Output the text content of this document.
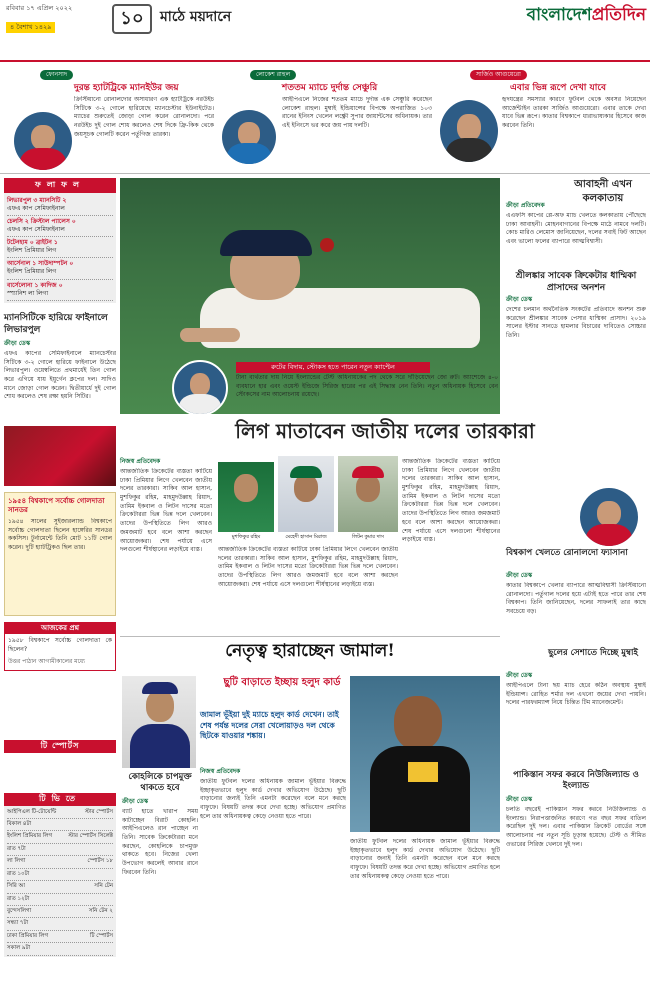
রবিবার ১৭ এপ্রিল ২০২২
৪ বৈশাখ ১৪২৯	১০	মাঠে ময়দানে	বাংলাদেশপ্রতিদিন
ফোনসাদ
দুরন্ত হ্যাটট্রিকে ম্যানইউর জয়
ক্রিস্টিয়ানো রোনালদোর অসাধারণ এক হ্যাটট্রিকে নরউইচ সিটিকে ৩-২ গোলে হারিয়েছে ম্যানচেস্টার ইউনাইটেড। ম্যাচের শুরুতেই জোড়া গোল করেন রোনালদো। পরে নরউইচ দুই গোল শোধ করলেও শেষ দিকে ফ্রি-কিক থেকে জয়সূচক গোলটি করেন পর্তুগিজ তারকা।
লোকেশ রাহুল
শততম ম্যাচে দুর্দান্ত সেঞ্চুরি
আইপিএলে নিজের শততম ম্যাচে দুর্দান্ত এক সেঞ্চুরি করেছেন লোকেশ রাহুল। মুম্বাই ইন্ডিয়ান্সের বিপক্ষে অপরাজিত ১০৩ রানের ইনিংস খেলেন লক্ষ্ণৌ সুপার জায়ান্টসের অধিনায়ক। তার এই ইনিংসে ভর করে জয় পায় দলটি।
সার্জিও আগুয়েরো
এবার ভিন্ন রূপে দেখা যাবে
হৃদযন্ত্রের সমস্যার কারণে ফুটবল থেকে অবসর নিয়েছেন আর্জেন্টাইন তারকা সার্জিও আগুয়েরো। এবার তাকে দেখা যাবে ভিন্ন রূপে। কাতার বিশ্বকাপে ধারাভাষ্যকার হিসেবে কাজ করবেন তিনি।
ফলাফল
লিভারপুল ৩ ম্যানসিটি ২
এফএ কাপ সেমিফাইনাল
চেলসি ২ ক্রিস্টাল প্যালেস ০
এফএ কাপ সেমিফাইনাল
টটেনহাম ০ ব্রাইটন ১
ইংলিশ প্রিমিয়ার লিগ
আর্সেনাল ১ সাউদাম্পটন ০
ইংলিশ প্রিমিয়ার লিগ
বার্সেলোনা ১ কাদিজ ০
স্প্যানিশ লা লিগা
ম্যানসিটিকে হারিয়ে ফাইনালে লিভারপুল
ক্রীড়া ডেস্ক
এফএ কাপের সেমিফাইনালে ম্যানচেস্টার সিটিকে ৩-২ গোলে হারিয়ে ফাইনালে উঠেছে লিভারপুল। ওয়েম্বলিতে প্রথমার্ধেই তিন গোল করে এগিয়ে যায় ইয়ুর্গেন ক্লপের দল। সাদিও মানে জোড়া গোল করেন। দ্বিতীয়ার্ধে দুই গোল শোধ করলেও শেষ রক্ষা হয়নি সিটির।
১৯৫৪ বিশ্বকাপে সর্বোচ্চ গোলদাতা সানডর
১৯৫৪ সালের সুইজারল্যান্ড বিশ্বকাপে সর্বোচ্চ গোলদাতা ছিলেন হাঙ্গেরির সানডর ককসিস। টুর্নামেন্টে তিনি মোট ১১টি গোল করেন। দুটি হ্যাটট্রিকও ছিল তার।
আজকের প্রশ্ন
১৯৫৮ বিশ্বকাপে সর্বোচ্চ গোলদাতা কে ছিলেন?
উত্তর পাঠান আগামীকালের মধ্যে
টি স্পোর্টস
টিভিতে
আইপিএল টি-টোয়েন্টি	স্টার স্পোর্টস
বিকাল ৪টা
ইংলিশ প্রিমিয়ার লিগ	স্টার স্পোর্টস সিলেক্ট
রাত ৭টা
লা লিগা	স্পোর্টস ১৮
রাত ১০টা
সিরি আ	সনি টেন
রাত ১২টা
বুন্দেসলিগা	সনি টেন ২
সন্ধ্যা ৭টা
ঢাকা প্রিমিয়ার লিগ	টি স্পোর্টস
সকাল ৯টা
রুটের বিদায়, স্টোকস হতে পারেন নতুন ক্যাপ্টেন
টানা ব্যর্থতার দায় নিয়ে ইংল্যান্ডের টেস্ট অধিনায়কের পদ থেকে সরে দাঁড়িয়েছেন জো রুট। অ্যাশেজে ৪-০ ব্যবধানে হার এবং ওয়েস্ট ইন্ডিজে সিরিজ হারের পর এই সিদ্ধান্ত নেন তিনি। নতুন অধিনায়ক হিসেবে বেন স্টোকসের নাম আলোচনায় রয়েছে।
আবাহনী এখন কলকাতায়
ক্রীড়া প্রতিবেদক
এএফসি কাপের প্লে-অফ ম্যাচ খেলতে কলকাতায় পৌঁছেছে ঢাকা আবাহনী। মোহনবাগানের বিপক্ষে মাঠে নামবে দলটি। কোচ মারিও লেমোস জানিয়েছেন, দলের সবাই ফিট আছেন এবং ভালো ফলের ব্যাপারে আত্মবিশ্বাসী।
শ্রীলঙ্কার সাবেক ক্রিকেটার ধাম্মিকা প্রাসাদের অনশন
ক্রীড়া ডেস্ক
দেশের চলমান অর্থনৈতিক সংকটের প্রতিবাদে অনশন শুরু করেছেন শ্রীলঙ্কার সাবেক পেসার ধাম্মিকা প্রাসাদ। ২০১৯ সালের ইস্টার সানডে হামলার বিচারের দাবিতেও সোচ্চার তিনি।
লিগ মাতাবেন জাতীয় দলের তারকারা
নিজস্ব প্রতিবেদক
আন্তর্জাতিক ক্রিকেটের ব্যস্ততা কাটিয়ে ঢাকা প্রিমিয়ার লিগে খেলবেন জাতীয় দলের তারকারা। সাকিব আল হাসান, মুশফিকুর রহিম, মাহমুদউল্লাহ রিয়াদ, তামিম ইকবাল ও লিটন দাসের মতো ক্রিকেটাররা ভিন্ন ভিন্ন দলে খেলবেন। তাদের উপস্থিতিতে লিগ আরও জমজমাট হবে বলে আশা করছেন আয়োজকরা। শেষ পর্যায়ে এসে দলগুলো শীর্ষস্থানের লড়াইয়ে ব্যস্ত।
মুশফিকুর রহিম	মেহেদী হাসান মিরাজ	লিটন কুমার দাস
আন্তর্জাতিক ক্রিকেটের ব্যস্ততা কাটিয়ে ঢাকা প্রিমিয়ার লিগে খেলবেন জাতীয় দলের তারকারা। সাকিব আল হাসান, মুশফিকুর রহিম, মাহমুদউল্লাহ রিয়াদ, তামিম ইকবাল ও লিটন দাসের মতো ক্রিকেটাররা ভিন্ন ভিন্ন দলে খেলবেন। তাদের উপস্থিতিতে লিগ আরও জমজমাট হবে বলে আশা করছেন আয়োজকরা। শেষ পর্যায়ে এসে দলগুলো শীর্ষস্থানের লড়াইয়ে ব্যস্ত।
আন্তর্জাতিক ক্রিকেটের ব্যস্ততা কাটিয়ে ঢাকা প্রিমিয়ার লিগে খেলবেন জাতীয় দলের তারকারা। সাকিব আল হাসান, মুশফিকুর রহিম, মাহমুদউল্লাহ রিয়াদ, তামিম ইকবাল ও লিটন দাসের মতো ক্রিকেটাররা ভিন্ন ভিন্ন দলে খেলবেন। তাদের উপস্থিতিতে লিগ আরও জমজমাট হবে বলে আশা করছেন আয়োজকরা। শেষ পর্যায়ে এসে দলগুলো শীর্ষস্থানের লড়াইয়ে ব্যস্ত।
বিশ্বকাপ খেলতে রোনালদো ফ্যাসানা
ক্রীড়া ডেস্ক
কাতার বিশ্বকাপে খেলার ব্যাপারে আত্মবিশ্বাসী ক্রিস্টিয়ানো রোনালদো। পর্তুগাল দলের হয়ে এটাই হতে পারে তার শেষ বিশ্বকাপ। তিনি জানিয়েছেন, দলের সাফল্যই তার কাছে সবচেয়ে বড়।
ছুলের সেশাতে দিচ্ছে মুম্বাই
ক্রীড়া ডেস্ক
আইপিএলে টানা ছয় ম্যাচ হেরে কঠিন অবস্থায় মুম্বাই ইন্ডিয়ান্স। রোহিত শর্মার দল এখনো জয়ের দেখা পায়নি। দলের পারফরম্যান্স নিয়ে চিন্তিত টিম ম্যানেজমেন্ট।
পাকিস্তান সফর করবে নিউজিল্যান্ড ও ইংল্যান্ড
ক্রীড়া ডেস্ক
চলতি বছরেই পাকিস্তান সফর করবে নিউজিল্যান্ড ও ইংল্যান্ড। নিরাপত্তাজনিত কারণে গত বছর সফর বাতিল করেছিল দুই দল। এবার পাকিস্তান ক্রিকেট বোর্ডের সঙ্গে আলোচনার পর নতুন সূচি চূড়ান্ত হয়েছে। টেস্ট ও সীমিত ওভারের সিরিজ খেলবে দুই দল।
নেতৃত্ব হারাচ্ছেন জামাল!
ছুটি বাড়াতে ইচ্ছায় হলুদ কার্ড
জামাল ভূঁইয়া দুই ম্যাচে হলুদ কার্ড দেখেন। তাই শেষ পর্যন্ত দলের সেরা খেলোয়াড়ও দল থেকে ছিটকে যাওয়ার শঙ্কায়।
নিজস্ব প্রতিবেদক
জাতীয় ফুটবল দলের অধিনায়ক জামাল ভূঁইয়ার বিরুদ্ধে ইচ্ছাকৃতভাবে হলুদ কার্ড দেখার অভিযোগ উঠেছে। ছুটি বাড়ানোর জন্যই তিনি এমনটা করেছেন বলে মনে করছে বাফুফে। বিষয়টি তদন্ত করে দেখা হচ্ছে। অভিযোগ প্রমাণিত হলে তার অধিনায়কত্ব কেড়ে নেওয়া হতে পারে।
জাতীয় ফুটবল দলের অধিনায়ক জামাল ভূঁইয়ার বিরুদ্ধে ইচ্ছাকৃতভাবে হলুদ কার্ড দেখার অভিযোগ উঠেছে। ছুটি বাড়ানোর জন্যই তিনি এমনটা করেছেন বলে মনে করছে বাফুফে। বিষয়টি তদন্ত করে দেখা হচ্ছে। অভিযোগ প্রমাণিত হলে তার অধিনায়কত্ব কেড়ে নেওয়া হতে পারে।
কোহলিকে চাপমুক্ত থাকতে হবে
ক্রীড়া ডেস্ক
ব্যাট হাতে খারাপ সময় কাটাচ্ছেন বিরাট কোহলি। আইপিএলেও রান পাচ্ছেন না তিনি। সাবেক ক্রিকেটাররা মনে করছেন, কোহলিকে চাপমুক্ত থাকতে হবে। নিজের খেলা উপভোগ করলেই আবার রানে ফিরবেন তিনি।
